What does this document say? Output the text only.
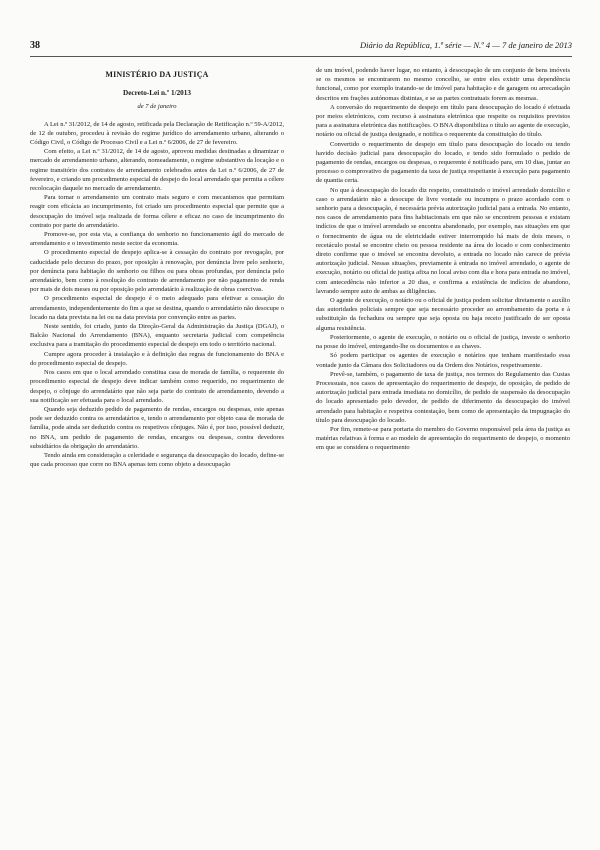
38	Diário da República, 1.ª série — N.º 4 — 7 de janeiro de 2013
MINISTÉRIO DA JUSTIÇA
Decreto-Lei n.º 1/2013
de 7 de janeiro

A Lei n.º 31/2012, de 14 de agosto, retificada pela Declaração de Retificação n.º 59-A/2012, de 12 de outubro, procedeu à revisão do regime jurídico do arrendamento urbano, alterando o Código Civil, o Código de Processo Civil e a Lei n.º 6/2006, de 27 de fevereiro.

Com efeito, a Lei n.º 31/2012, de 14 de agosto, aprovou medidas destinadas a dinamizar o mercado de arrendamento urbano, alterando, nomeadamente, o regime substantivo da locação e o regime transitório dos contratos de arrendamento celebrados antes da Lei n.º 6/2006, de 27 de fevereiro, e criando um procedimento especial de despejo do local arrendado que permita a célere recolocação daquele no mercado de arrendamento.

Para tornar o arrendamento um contrato mais seguro e com mecanismos que permitam reagir com eficácia ao incumprimento, foi criado um procedimento especial que permite que a desocupação do imóvel seja realizada de forma célere e eficaz no caso de incumprimento do contrato por parte do arrendatário.

Promove-se, por esta via, a confiança do senhorio no funcionamento ágil do mercado de arrendamento e o investimento neste sector da economia.

O procedimento especial de despejo aplica-se à cessação do contrato por revogação, por caducidade pelo decurso do prazo, por oposição à renovação, por denúncia livre pelo senhorio, por denúncia para habitação do senhorio ou filhos ou para obras profundas, por denúncia pelo arrendatário, bem como à resolução do contrato de arrendamento por não pagamento de renda por mais de dois meses ou por oposição pelo arrendatário à realização de obras coercivas.

O procedimento especial de despejo é o meio adequado para efetivar a cessação do arrendamento, independentemente do fim a que se destina, quando o arrendatário não desocupe o locado na data prevista na lei ou na data prevista por convenção entre as partes.

Neste sentido, foi criado, junto da Direção-Geral da Administração da Justiça (DGAJ), o Balcão Nacional do Arrendamento (BNA), enquanto secretaria judicial com competência exclusiva para a tramitação do procedimento especial de despejo em todo o território nacional.

Cumpre agora proceder à instalação e à definição das regras de funcionamento do BNA e do procedimento especial de despejo.

Nos casos em que o local arrendado constitua casa de morada de família, o requerente do procedimento especial de despejo deve indicar também como requerido, no requerimento de despejo, o cônjuge do arrendatário que não seja parte do contrato de arrendamento, devendo a sua notificação ser efetuada para o local arrendado.

Quando seja deduzido pedido de pagamento de rendas, encargos ou despesas, este apenas pode ser deduzido contra os arrendatários e, tendo o arrendamento por objeto casa de morada de família, pode ainda ser deduzido contra os respetivos cônjuges. Não é, por isso, possível deduzir, no BNA, um pedido de pagamento de rendas, encargos ou despesas, contra devedores subsidiários da obrigação do arrendatário.

Tendo ainda em consideração a celeridade e segurança da desocupação do locado, define-se que cada processo que corre no BNA apenas tem como objeto a desocupação

de um imóvel, podendo haver lugar, no entanto, à desocupação de um conjunto de bens imóveis se os mesmos se encontrarem no mesmo concelho, se entre eles existir uma dependência funcional, como por exemplo tratando-se de imóvel para habitação e de garagem ou arrecadação descritos em frações autónomas distintas, e se as partes contratuais forem as mesmas.

A conversão do requerimento de despejo em título para desocupação do locado é efetuada por meios eletrónicos, com recurso à assinatura eletrónica que respeite os requisitos previstos para a assinatura eletrónica das notificações. O BNA disponibiliza o título ao agente de execução, notário ou oficial de justiça designado, e notifica o requerente da constituição do título.

Convertido o requerimento de despejo em título para desocupação do locado ou tendo havido decisão judicial para desocupação do locado, e tendo sido formulado o pedido de pagamento de rendas, encargos ou despesas, o requerente é notificado para, em 10 dias, juntar ao processo o comprovativo de pagamento da taxa de justiça respeitante à execução para pagamento de quantia certa.

No que à desocupação do locado diz respeito, constituindo o imóvel arrendado domicílio e caso o arrendatário não a desocupe de livre vontade ou incumpra o prazo acordado com o senhorio para a desocupação, é necessária prévia autorização judicial para a entrada. No entanto, nos casos de arrendamento para fins habitacionais em que não se encontrem pessoas e existam indícios de que o imóvel arrendado se encontra abandonado, por exemplo, nas situações em que o fornecimento de água ou de eletricidade estiver interrompido há mais de dois meses, o recetáculo postal se encontre cheio ou pessoa residente na área do locado e com conhecimento direto confirme que o imóvel se encontra devoluto, a entrada no locado não carece de prévia autorização judicial. Nessas situações, previamente à entrada no imóvel arrendado, o agente de execução, notário ou oficial de justiça afixa no local aviso com dia e hora para entrada no imóvel, com antecedência não inferior a 20 dias, e confirma a existência de indícios de abandono, lavrando sempre auto de ambas as diligências.

O agente de execução, o notário ou o oficial de justiça podem solicitar diretamente o auxílio das autoridades policiais sempre que seja necessário proceder ao arrombamento da porta e à substituição da fechadura ou sempre que seja oposta ou haja receio justificado de ser oposta alguma resistência.

Posteriormente, o agente de execução, o notário ou o oficial de justiça, investe o senhorio na posse do imóvel, entregando-lhe os documentos e as chaves.

Só podem participar os agentes de execução e notários que tenham manifestado essa vontade junto da Câmara dos Solicitadores ou da Ordem dos Notários, respetivamente.

Prevê-se, também, o pagamento de taxa de justiça, nos termos do Regulamento das Custas Processuais, nos casos de apresentação do requerimento de despejo, de oposição, de pedido de autorização judicial para entrada imediata no domicílio, de pedido de suspensão da desocupação do locado apresentado pelo devedor, de pedido de diferimento da desocupação do imóvel arrendado para habitação e respetiva contestação, bem como de apresentação da impugnação do título para desocupação do locado.

Por fim, remete-se para portaria do membro do Governo responsável pela área da justiça as matérias relativas à forma e ao modelo de apresentação do requerimento de despejo, o momento em que se considera o requerimento
